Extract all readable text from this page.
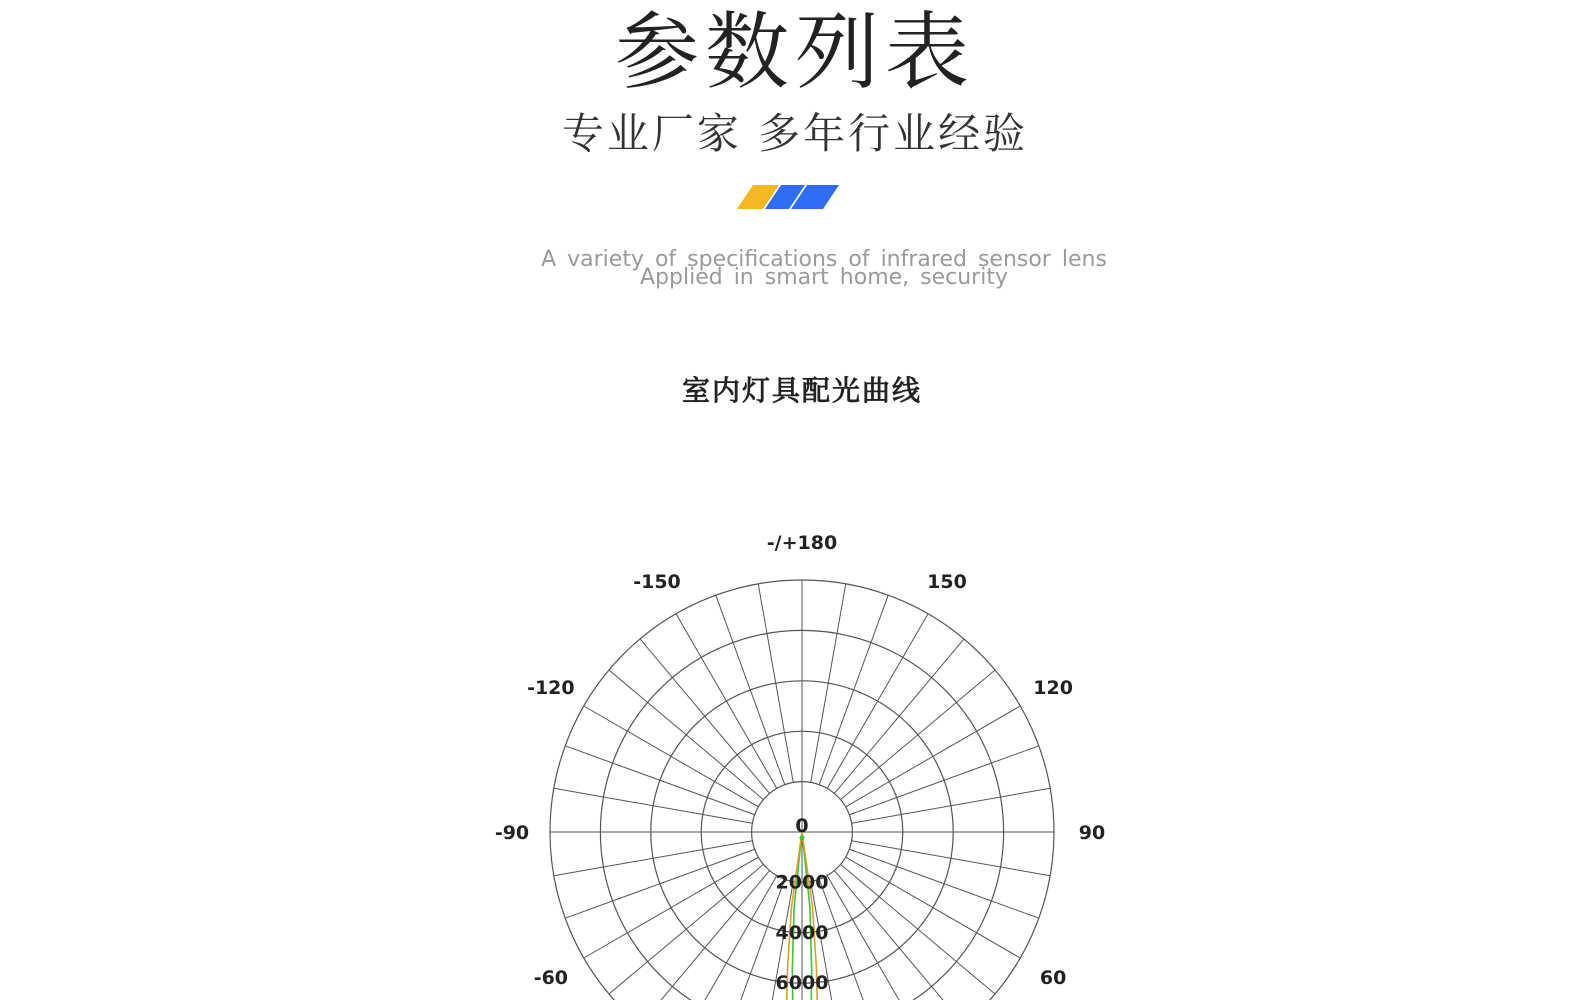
参数列表
专业厂家 多年行业经验
A variety of specifications of infrared sensor lens
Applied in smart home, security
室内灯具配光曲线
-/+180
-150	150
-120	120
-90	90
-60	60
0
2000
4000
6000
